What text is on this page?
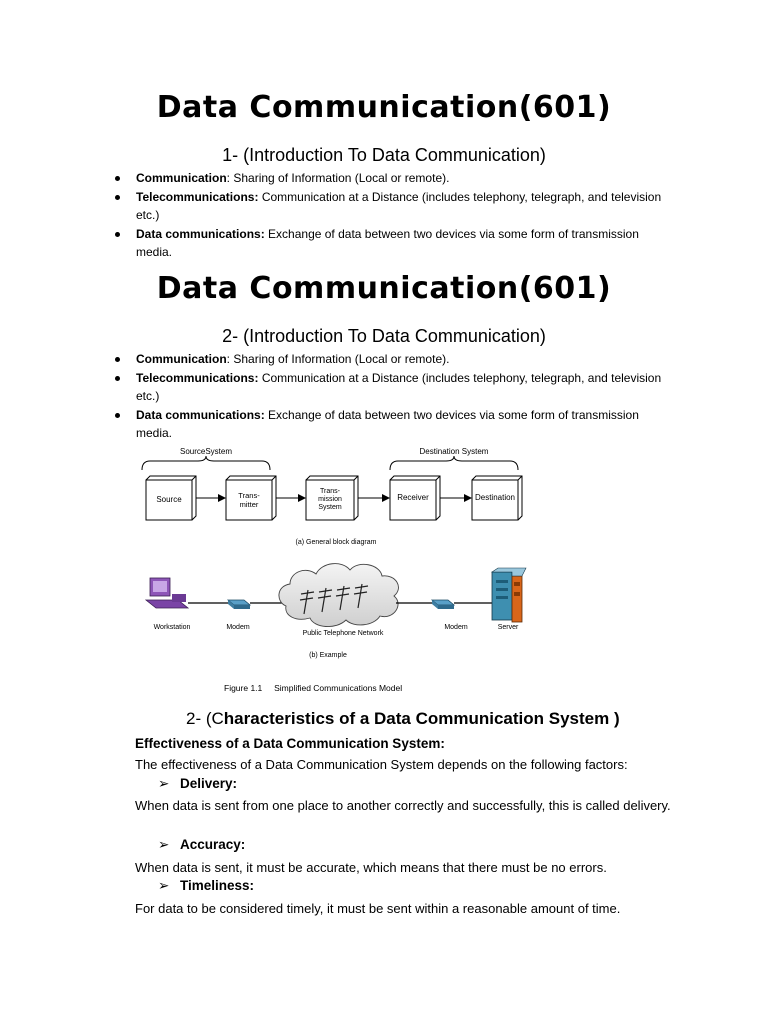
Data Communication(601)
1- (Introduction To Data Communication)
Communication: Sharing of Information (Local or remote).
Telecommunications: Communication at a Distance (includes telephony, telegraph, and television etc.)
Data communications: Exchange of data between two devices via some form of transmission media.
Data Communication(601)
2- (Introduction To Data Communication)
Communication: Sharing of Information (Local or remote).
Telecommunications: Communication at a Distance (includes telephony, telegraph, and television etc.)
Data communications: Exchange of data between two devices via some form of transmission media.
SourceSystem	Destination System
Source	Trans-
mitter
Trans-
mission
System
Receiver	Destination
(a) General block diagram
Workstation	Modem
Public Telephone Network
Modem	Server
(b) Example
Figure 1.1     Simplified Communications Model
2- (Characteristics of a Data Communication System )
Effectiveness of a Data Communication System:
The effectiveness of a Data Communication System depends on the following factors:
➢ Delivery:
When data is sent from one place to another correctly and successfully, this is called delivery.
➢ Accuracy:
When data is sent, it must be accurate, which means that there must be no errors.
➢ Timeliness:
For data to be considered timely, it must be sent within a reasonable amount of time.
